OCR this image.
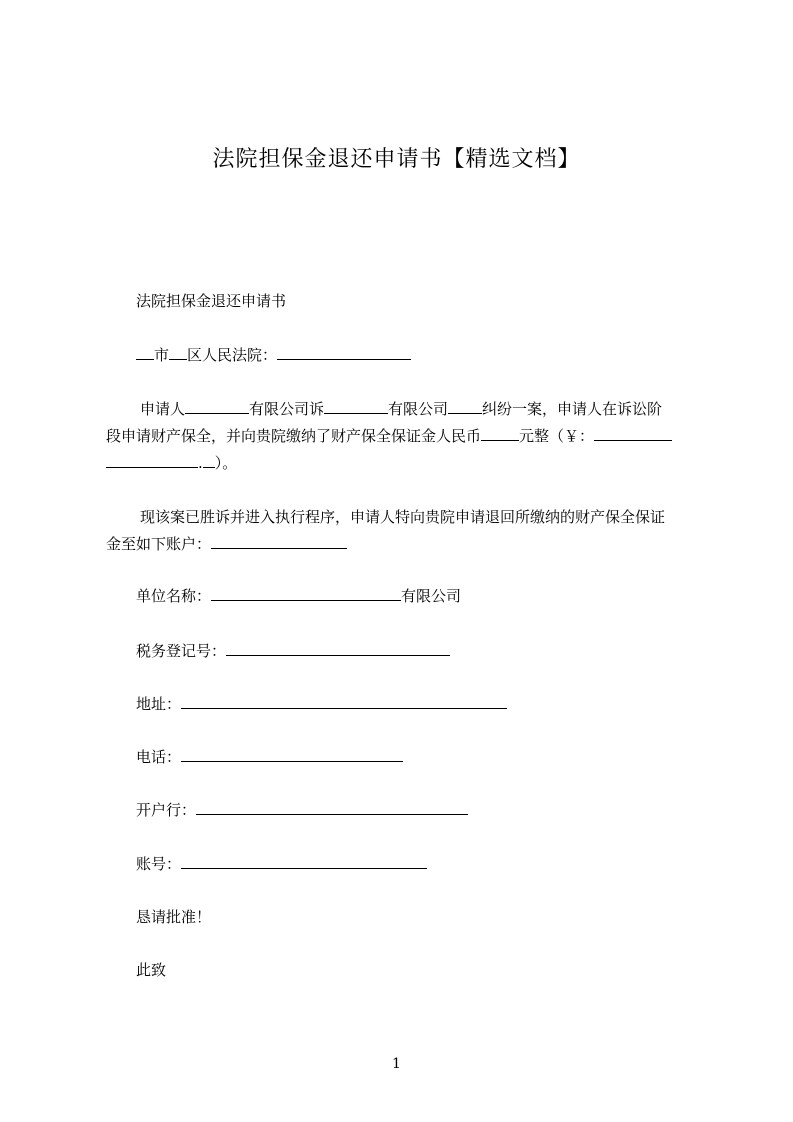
法院担保金退还申请书【精选文档】
法院担保金退还申请书
市 区人民法院：
申请人	有限公司诉	有限公司 纠纷一案，申请人在诉讼阶
段申请财产保全，并向贵院缴纳了财产保全保证金人民币	元整（￥：
. ）。
现该案已胜诉并进入执行程序，申请人特向贵院申请退回所缴纳的财产保全保证
金至如下账户：
单位名称：	有限公司
税务登记号：
地址：
电话：
开户行：
账号：
恳请批准！
此致
1
